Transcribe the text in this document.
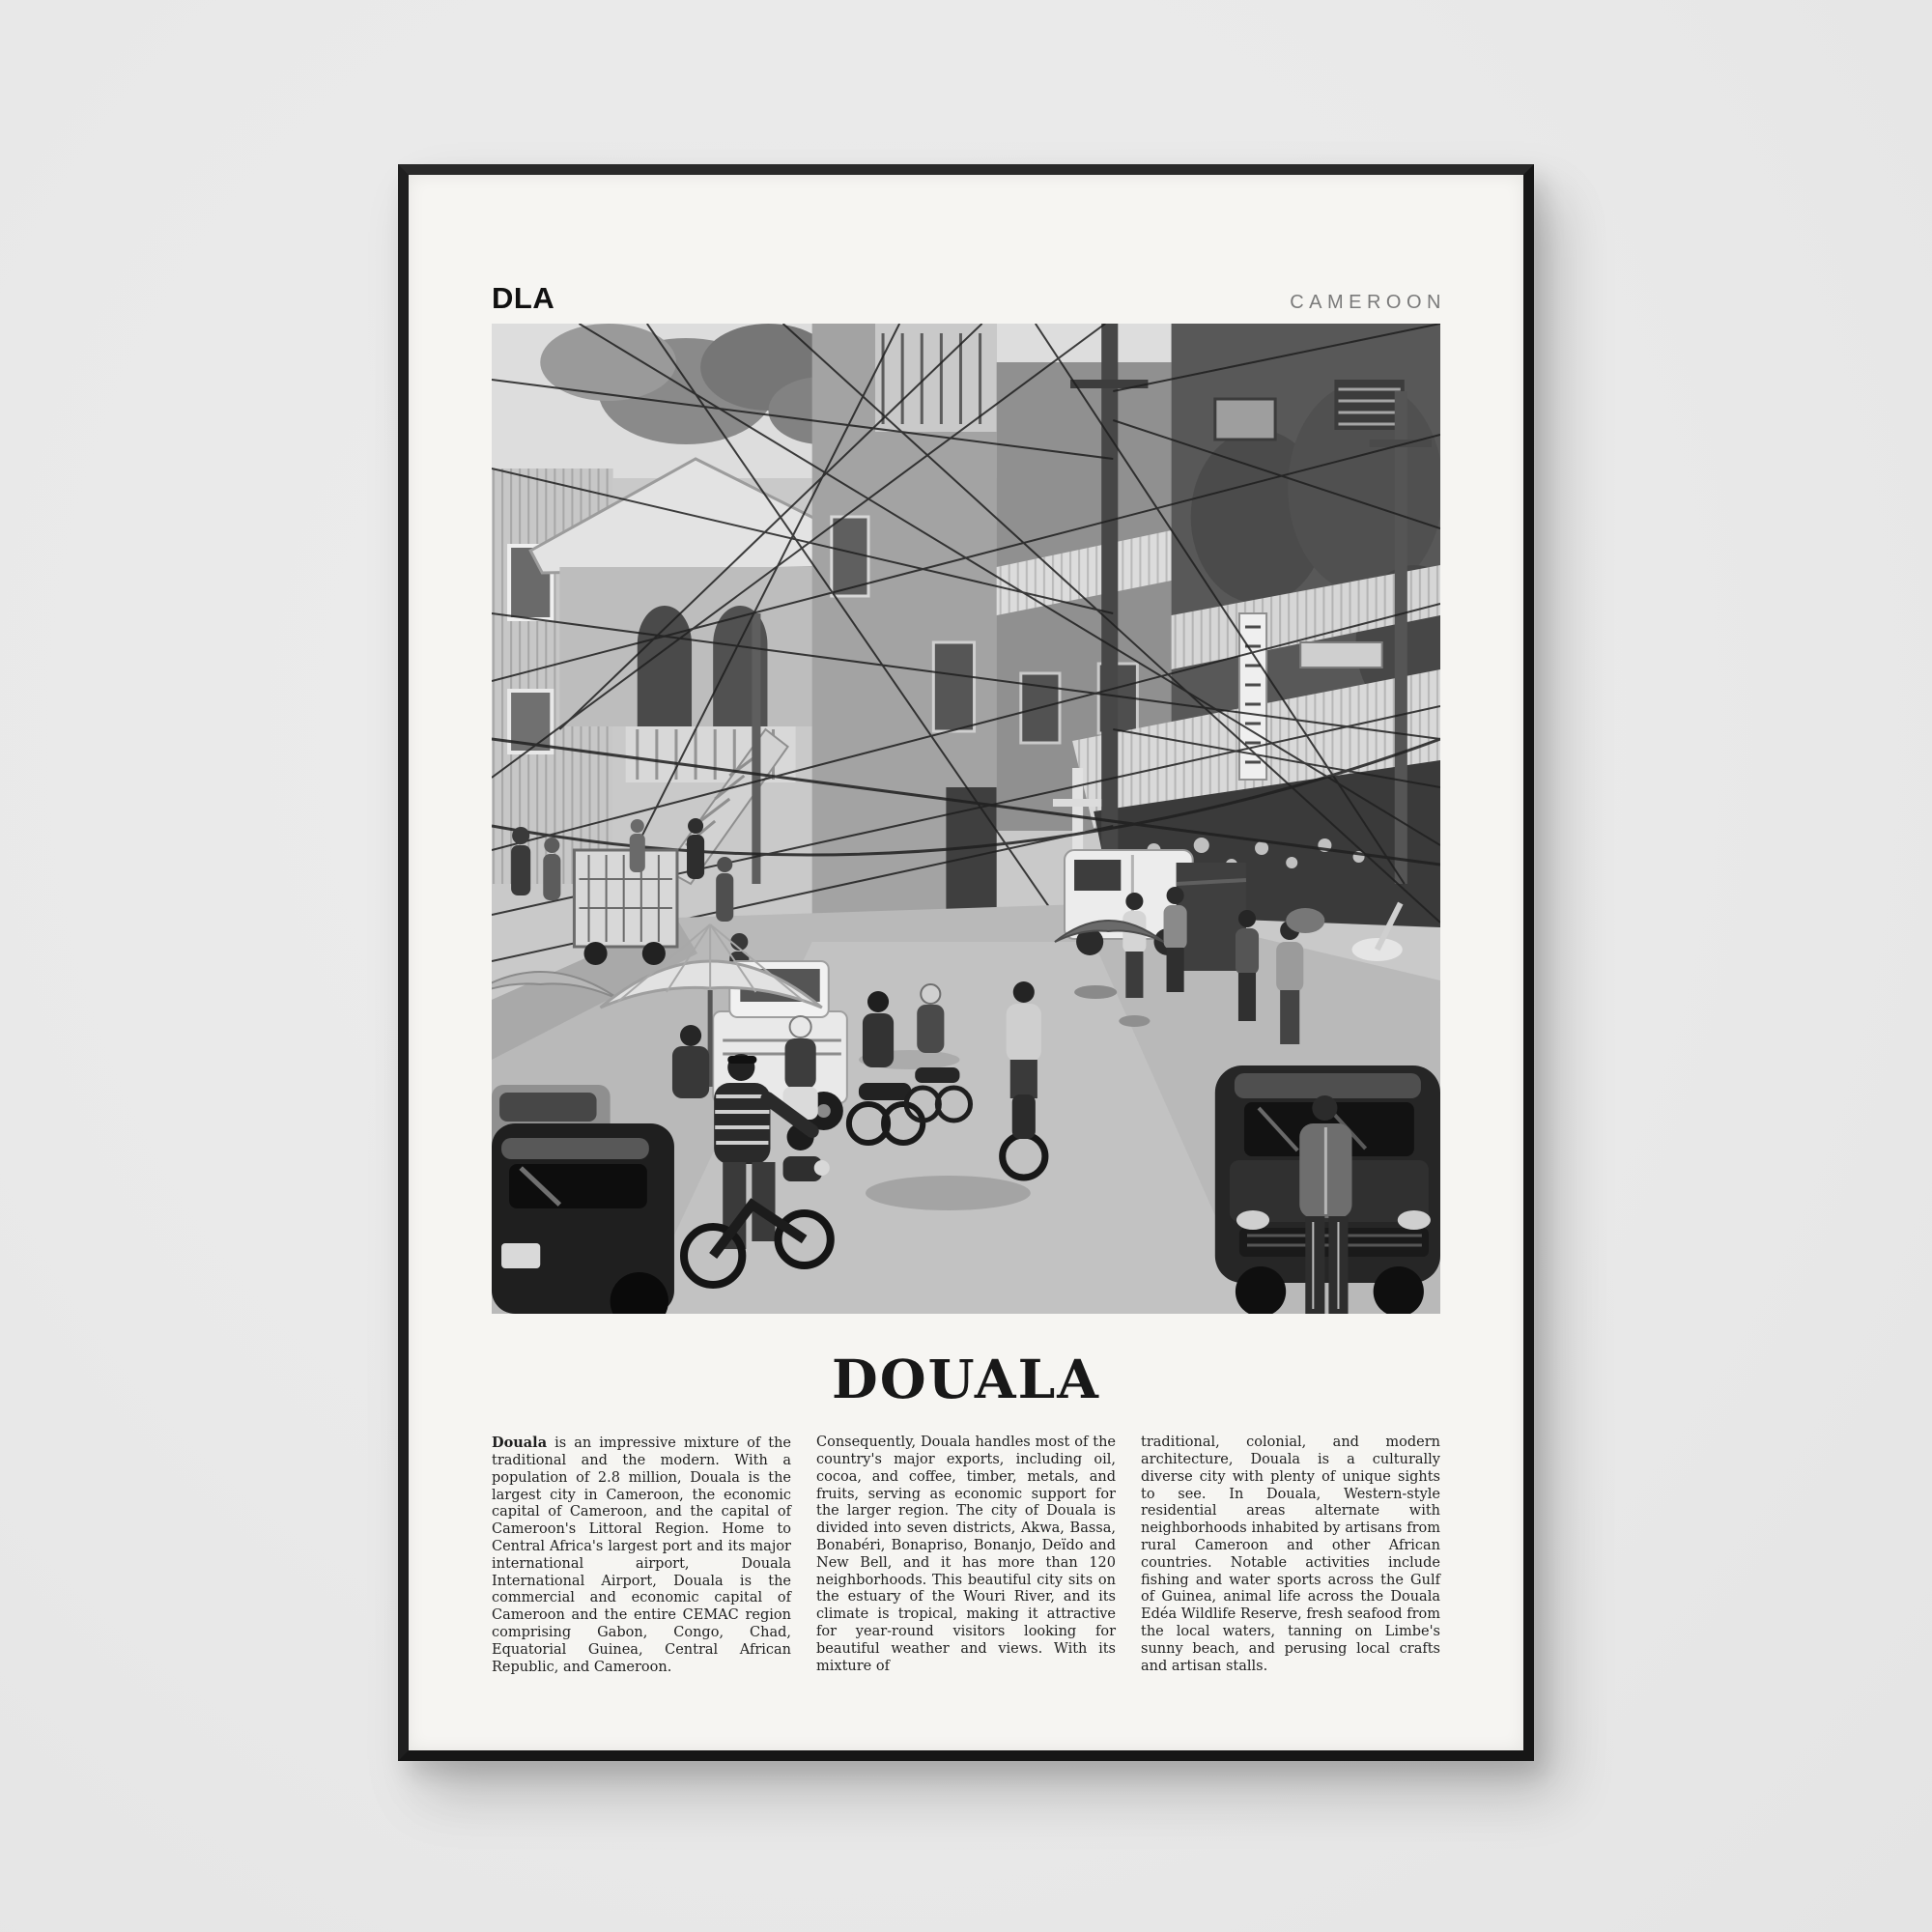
DLA	CAMEROON
DOUALA

Douala is an impressive mixture of the traditional and the modern. With a population of 2.8 million, Douala is the largest city in Cameroon, the economic capital of Cameroon, and the capital of Cameroon's Littoral Region. Home to Central Africa's largest port and its major international airport, Douala International Airport, Douala is the commercial and economic capital of Cameroon and the entire CEMAC region comprising Gabon, Congo, Chad, Equatorial Guinea, Central African Republic, and Cameroon.

Consequently, Douala handles most of the country's major exports, including oil, cocoa, and coffee, timber, metals, and fruits, serving as economic support for the larger region. The city of Douala is divided into seven districts, Akwa, Bassa, Bonabéri, Bonapriso, Bonanjo, Deïdo and New Bell, and it has more than 120 neighborhoods. This beautiful city sits on the estuary of the Wouri River, and its climate is tropical, making it attractive for year-round visitors looking for beautiful weather and views. With its mixture of

traditional, colonial, and modern architecture, Douala is a culturally diverse city with plenty of unique sights to see. In Douala, Western-style residential areas alternate with neighborhoods inhabited by artisans from rural Cameroon and other African countries. Notable activities include fishing and water sports across the Gulf of Guinea, animal life across the Douala Edéa Wildlife Reserve, fresh seafood from the local waters, tanning on Limbe's sunny beach, and perusing local crafts and artisan stalls.
